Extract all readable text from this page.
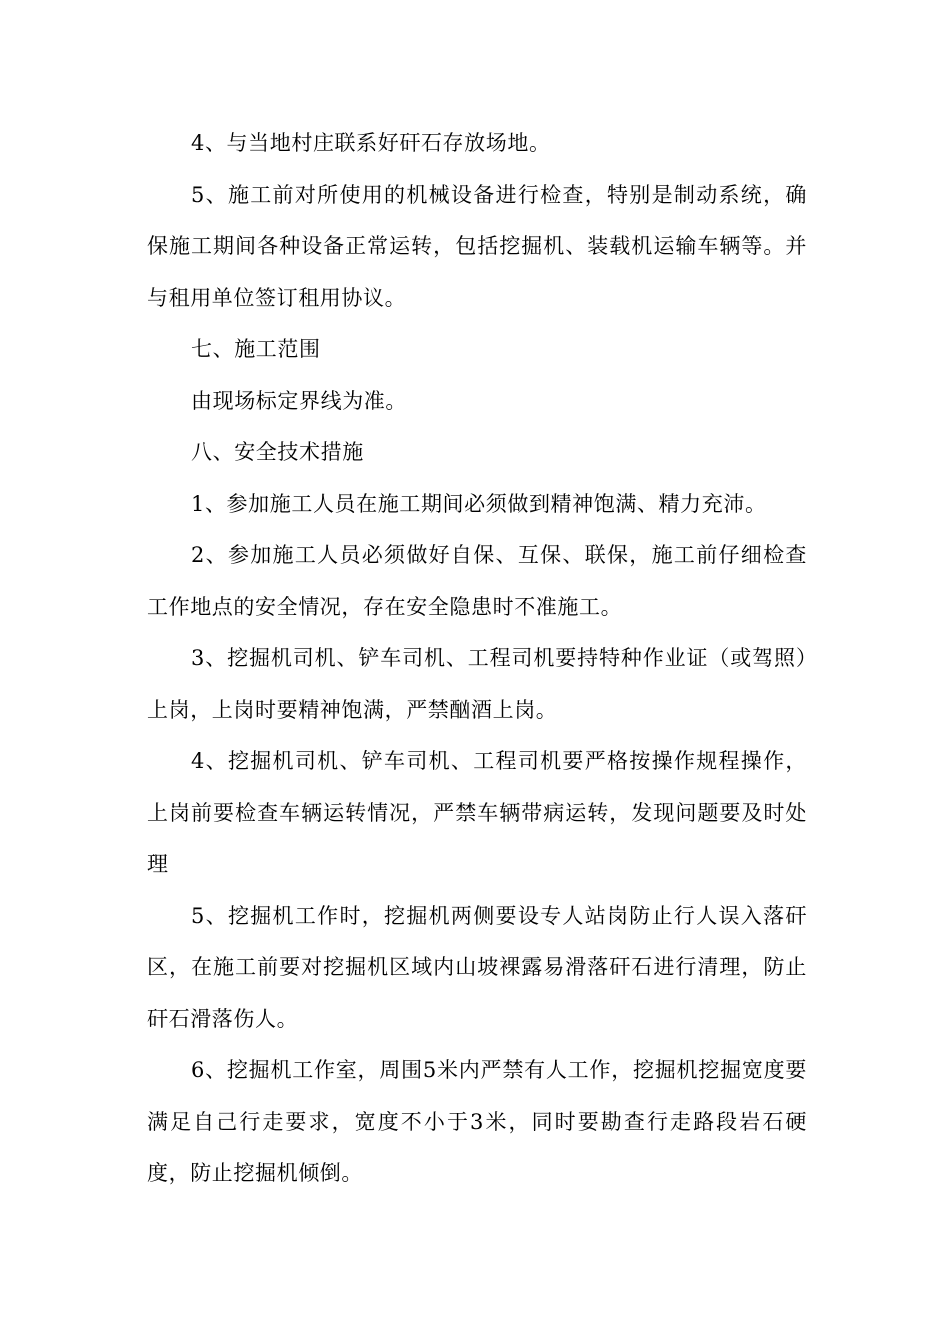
4、与当地村庄联系好矸石存放场地。

5、施工前对所使用的机械设备进行检查，特别是制动系统，确保施工期间各种设备正常运转，包括挖掘机、装载机运输车辆等。并与租用单位签订租用协议。

七、施工范围

由现场标定界线为准。

八、安全技术措施

1、参加施工人员在施工期间必须做到精神饱满、精力充沛。

2、参加施工人员必须做好自保、互保、联保，施工前仔细检查工作地点的安全情况，存在安全隐患时不准施工。

3、挖掘机司机、铲车司机、工程司机要持特种作业证（或驾照）上岗，上岗时要精神饱满，严禁酗酒上岗。

4、挖掘机司机、铲车司机、工程司机要严格按操作规程操作，上岗前要检查车辆运转情况，严禁车辆带病运转，发现问题要及时处理

5、挖掘机工作时，挖掘机两侧要设专人站岗防止行人误入落矸区，在施工前要对挖掘机区域内山坡裸露易滑落矸石进行清理，防止矸石滑落伤人。

6、挖掘机工作室，周围5米内严禁有人工作，挖掘机挖掘宽度要满足自己行走要求，宽度不小于3米，同时要勘查行走路段岩石硬度，防止挖掘机倾倒。
